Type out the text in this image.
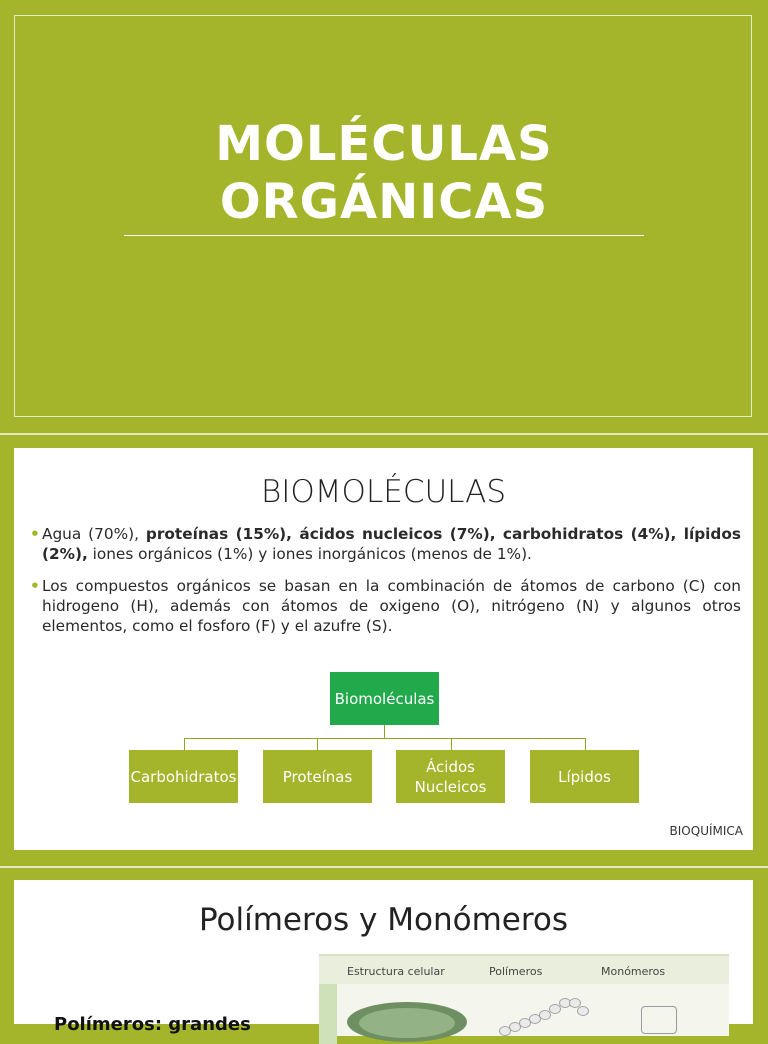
MOLÉCULAS
ORGÁNICAS
BIOMOLÉCULAS
• Agua (70%), proteínas (15%), ácidos nucleicos (7%), carbohidratos (4%), lípidos (2%), iones orgánicos (1%) y iones inorgánicos (menos de 1%).
• Los compuestos orgánicos se basan en la combinación de átomos de carbono (C) con hidrogeno (H), además con átomos de oxigeno (O), nitrógeno (N) y algunos otros elementos, como el fosforo (F) y el azufre (S).
Biomoléculas
Carbohidratos	Proteínas
Ácidos Nucleicos
Lípidos
BIOQUÍMICA
Polímeros y Monómeros
Estructura celular	Polímeros	Monómeros
Polímeros: grandes
